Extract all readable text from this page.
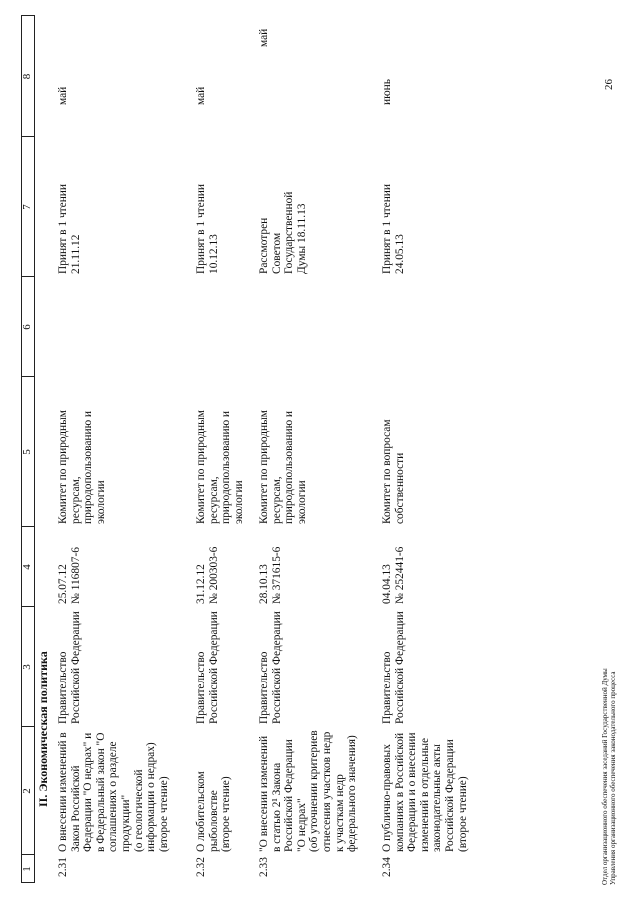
1
2
3
4
5
6
7
8
II. Экономическая политика
2.31
О внесении изменений в Закон Российской Федерации "О недрах" и в Федеральный закон "О соглашениях о разделе продукции"
(о геологической информации о недрах)
(второе чтение)
Правительство Российской Федерации
25.07.12
№ 116807-6
Комитет по природным ресурсам, природопользованию и экологии
Принят в 1 чтении
21.11.12
май
2.32
О любительском рыболовстве
(второе чтение)
Правительство Российской Федерации
31.12.12
№ 200303-6
Комитет по природным ресурсам, природопользованию и экологии
Принят в 1 чтении
10.12.13
май
2.33
"О внесении изменений в статью 2¹ Закона Российской Федерации "О недрах"
(об уточнении критериев отнесения участков недр к участкам недр федерального значения)
Правительство Российской Федерации
28.10.13
№ 371615-6
Комитет по природным ресурсам, природопользованию и экологии
Рассмотрен Советом Государственной Думы 18.11.13
май
2.34
О публично-правовых компаниях в Российской Федерации и о внесении изменений в отдельные законодательные акты Российской Федерации
(второе чтение)
Правительство Российской Федерации
04.04.13
№ 252441-6
Комитет по вопросам собственности
Принят в 1 чтении
24.05.13
июнь
Отдел организационного обеспечения заседаний Государственной Думы Управления организационного обеспечения законодательного процесса
26
